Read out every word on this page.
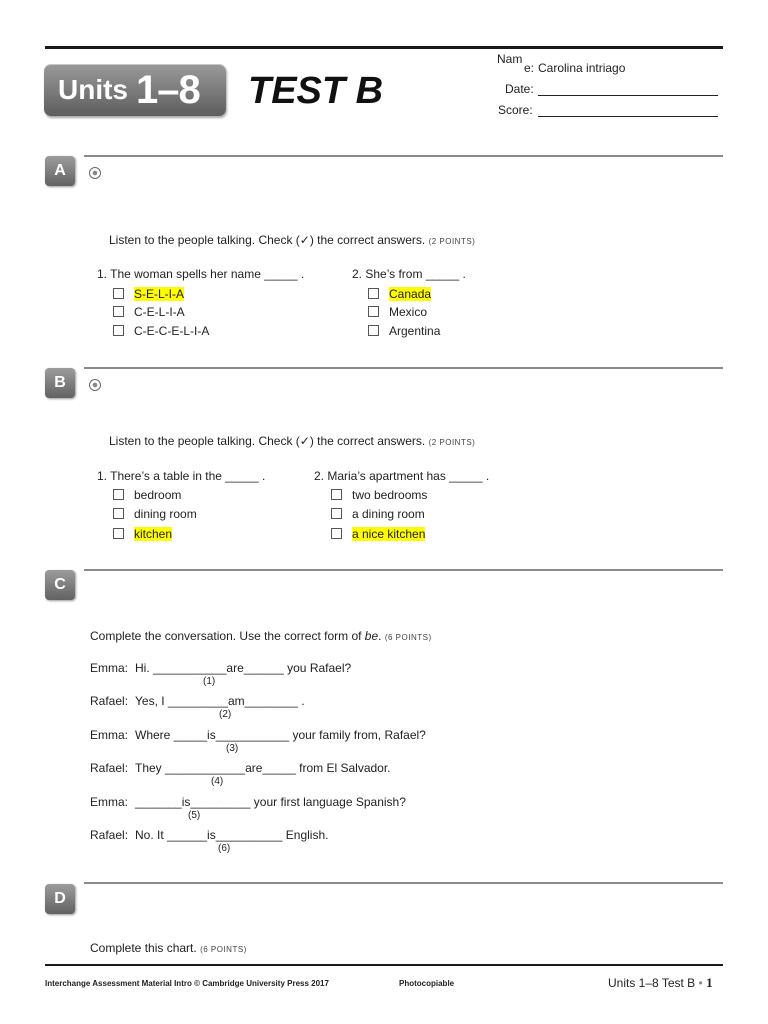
Units 1–8 TEST B
Nam
e: Carolina intriago
Date:
Score:
A
Listen to the people talking. Check (✓) the correct answers. (2 POINTS)
1. The woman spells her name _____ .
S-E-L-I-A
C-E-L-I-A
C-E-C-E-L-I-A
2. She’s from _____ .
Canada
Mexico
Argentina
B
Listen to the people talking. Check (✓) the correct answers. (2 POINTS)
1. There’s a table in the _____ .
bedroom
dining room
kitchen
2. Maria’s apartment has _____ .
two bedrooms
a dining room
a nice kitchen
C
Complete the conversation. Use the correct form of be. (6 POINTS)
Emma: Hi. ___________are______ you Rafael?
(1)
Rafael: Yes, I _________am________ .
(2)
Emma: Where _____is___________ your family from, Rafael?
(3)
Rafael: They ____________are_____ from El Salvador.
(4)
Emma: _______is_________ your first language Spanish?
(5)
Rafael: No. It ______is__________ English.
(6)
D
Complete this chart. (6 POINTS)
Interchange Assessment Material Intro © Cambridge University Press 2017	Photocopiable	Units 1–8 Test B • 1
